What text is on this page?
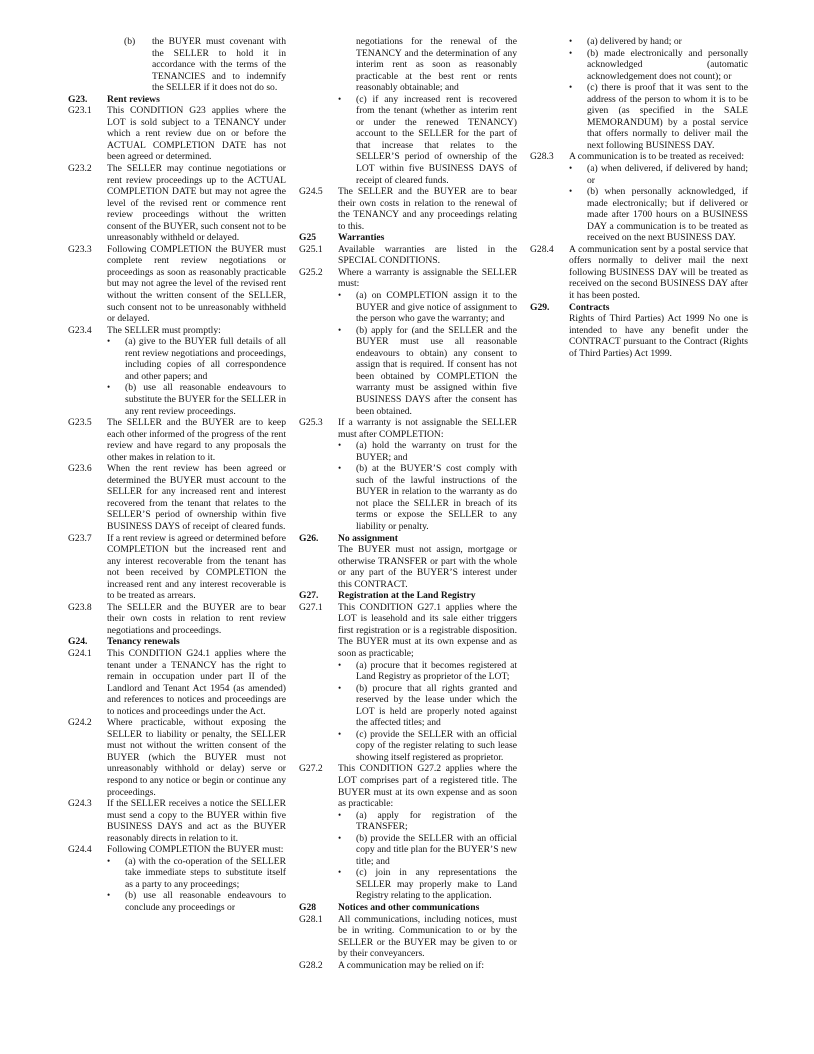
(b) the BUYER must covenant with the SELLER to hold it in accordance with the terms of the TENANCIES and to indemnify the SELLER if it does not do so.
G23.	Rent reviews
G23.1	This CONDITION G23 applies where the LOT is sold subject to a TENANCY under which a rent review due on or before the ACTUAL COMPLETION DATE has not been agreed or determined.
G23.2	The SELLER may continue negotiations or rent review proceedings up to the ACTUAL COMPLETION DATE but may not agree the level of the revised rent or commence rent review proceedings without the written consent of the BUYER, such consent not to be unreasonably withheld or delayed.
G23.3	Following COMPLETION the BUYER must complete rent review negotiations or proceedings as soon as reasonably practicable but may not agree the level of the revised rent without the written consent of the SELLER, such consent not to be unreasonably withheld or delayed.
G23.4	The SELLER must promptly:
•	(a) give to the BUYER full details of all rent review negotiations and proceedings, including copies of all correspondence and other papers; and
•	(b) use all reasonable endeavours to substitute the BUYER for the SELLER in any rent review proceedings.
G23.5	The SELLER and the BUYER are to keep each other informed of the progress of the rent review and have regard to any proposals the other makes in relation to it.
G23.6	When the rent review has been agreed or determined the BUYER must account to the SELLER for any increased rent and interest recovered from the tenant that relates to the SELLER’S period of ownership within five BUSINESS DAYS of receipt of cleared funds.
G23.7	If a rent review is agreed or determined before COMPLETION but the increased rent and any interest recoverable from the tenant has not been received by COMPLETION the increased rent and any interest recoverable is to be treated as arrears.
G23.8	The SELLER and the BUYER are to bear their own costs in relation to rent review negotiations and proceedings.
G24.	Tenancy renewals
G24.1	This CONDITION G24.1 applies where the tenant under a TENANCY has the right to remain in occupation under part II of the Landlord and Tenant Act 1954 (as amended) and references to notices and proceedings are to notices and proceedings under the Act.
G24.2	Where practicable, without exposing the SELLER to liability or penalty, the SELLER must not without the written consent of the BUYER (which the BUYER must not unreasonably withhold or delay) serve or respond to any notice or begin or continue any proceedings.
G24.3	If the SELLER receives a notice the SELLER must send a copy to the BUYER within five BUSINESS DAYS and act as the BUYER reasonably directs in relation to it.
G24.4	Following COMPLETION the BUYER must:
•	(a) with the co-operation of the SELLER take immediate steps to substitute itself as a party to any proceedings;
•	(b) use all reasonable endeavours to conclude any proceedings or
negotiations for the renewal of the TENANCY and the determination of any interim rent as soon as reasonably practicable at the best rent or rents reasonably obtainable; and
•	(c) if any increased rent is recovered from the tenant (whether as interim rent or under the renewed TENANCY) account to the SELLER for the part of that increase that relates to the SELLER’S period of ownership of the LOT within five BUSINESS DAYS of receipt of cleared funds.
G24.5	The SELLER and the BUYER are to bear their own costs in relation to the renewal of the TENANCY and any proceedings relating to this.
G25	Warranties
G25.1	Available warranties are listed in the SPECIAL CONDITIONS.
G25.2	Where a warranty is assignable the SELLER must:
•	(a) on COMPLETION assign it to the BUYER and give notice of assignment to the person who gave the warranty; and
•	(b) apply for (and the SELLER and the BUYER must use all reasonable endeavours to obtain) any consent to assign that is required. If consent has not been obtained by COMPLETION the warranty must be assigned within five BUSINESS DAYS after the consent has been obtained.
G25.3	If a warranty is not assignable the SELLER must after COMPLETION:
•	(a) hold the warranty on trust for the BUYER; and
•	(b) at the BUYER’S cost comply with such of the lawful instructions of the BUYER in relation to the warranty as do not place the SELLER in breach of its terms or expose the SELLER to any liability or penalty.
G26.	No assignment
The BUYER must not assign, mortgage or otherwise TRANSFER or part with the whole or any part of the BUYER’S interest under this CONTRACT.
G27.	Registration at the Land Registry
G27.1	This CONDITION G27.1 applies where the LOT is leasehold and its sale either triggers first registration or is a registrable disposition. The BUYER must at its own expense and as soon as practicable;
•	(a) procure that it becomes registered at Land Registry as proprietor of the LOT;
•	(b) procure that all rights granted and reserved by the lease under which the LOT is held are properly noted against the affected titles; and
•	(c) provide the SELLER with an official copy of the register relating to such lease showing itself registered as proprietor.
G27.2	This CONDITION G27.2 applies where the LOT comprises part of a registered title. The BUYER must at its own expense and as soon as practicable:
•	(a) apply for registration of the TRANSFER;
•	(b) provide the SELLER with an official copy and title plan for the BUYER’S new title; and
•	(c) join in any representations the SELLER may properly make to Land Registry relating to the application.
G28	Notices and other communications
G28.1	All communications, including notices, must be in writing. Communication to or by the SELLER or the BUYER may be given to or by their conveyancers.
G28.2	A communication may be relied on if:
•	(a) delivered by hand; or
•	(b) made electronically and personally acknowledged (automatic acknowledgement does not count); or
•	(c) there is proof that it was sent to the address of the person to whom it is to be given (as specified in the SALE MEMORANDUM) by a postal service that offers normally to deliver mail the next following BUSINESS DAY.
G28.3	A communication is to be treated as received:
•	(a) when delivered, if delivered by hand; or
•	(b) when personally acknowledged, if made electronically; but if delivered or made after 1700 hours on a BUSINESS DAY a communication is to be treated as received on the next BUSINESS DAY.
G28.4	A communication sent by a postal service that offers normally to deliver mail the next following BUSINESS DAY will be treated as received on the second BUSINESS DAY after it has been posted.
G29.	Contracts
Rights of Third Parties) Act 1999 No one is intended to have any benefit under the CONTRACT pursuant to the Contract (Rights of Third Parties) Act 1999.
